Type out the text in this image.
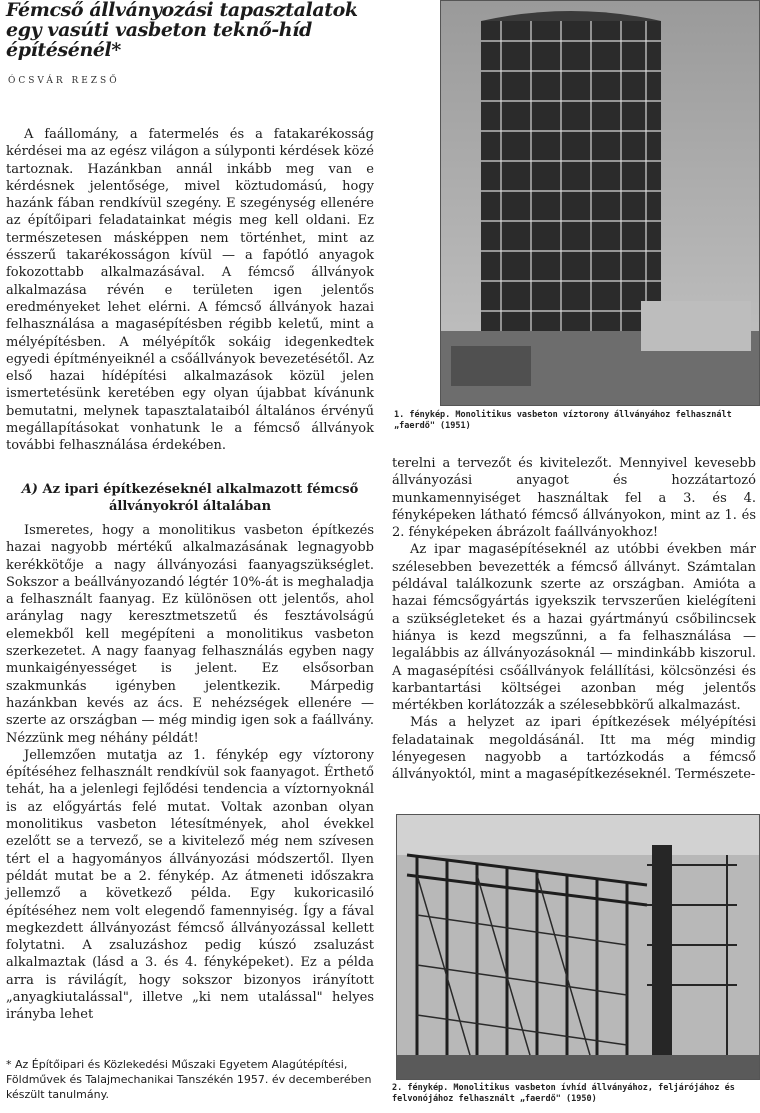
Fémcső állványozási tapasztalatok
egy vasúti vasbeton teknő-híd
építésénél*
ÓCSVÁR REZSŐ

A faállomány, a fatermelés és a fatakarékosság kérdései ma az egész világon a súlyponti kérdések közé tartoznak. Hazánkban annál inkább meg van e kérdésnek jelentősége, mivel köztudomású, hogy hazánk fában rendkívül szegény. E szegénység ellenére az építőipari feladatainkat mégis meg kell oldani. Ez természetesen másképpen nem történhet, mint az ésszerű takarékosságon kívül — a fapótló anyagok fokozottabb alkalmazásával. A fémcső állványok alkalmazása révén e területen igen jelentős eredményeket lehet elérni. A fémcső állványok hazai felhasználása a magasépítésben régibb keletű, mint a mélyépítésben. A mélyépítők sokáig idegenkedtek egyedi építményeiknél a csőállványok bevezetésétől. Az első hazai hídépítési alkalmazások közül jelen ismertetésünk keretében egy olyan újabbat kívánunk bemutatni, melynek tapasztalataiból általános érvényű megállapításokat vonhatunk le a fémcső állványok további felhasználása érdekében.

A) Az ipari építkezéseknél alkalmazott fémcső állványokról általában

Ismeretes, hogy a monolitikus vasbeton építkezés hazai nagyobb mértékű alkalmazásának legnagyobb kerékkötője a nagy állványozási faanyagszükséglet. Sokszor a beállványozandó légtér 10%-át is meghaladja a felhasznált faanyag. Ez különösen ott jelentős, ahol aránylag nagy keresztmetszetű és fesztávolságú elemekből kell megépíteni a monolitikus vasbeton szerkezetet. A nagy faanyag felhasználás egyben nagy munkaigényességet is jelent. Ez elsősorban szakmunkás igényben jelentkezik. Márpedig hazánkban kevés az ács. E nehézségek ellenére — szerte az országban — még mindig igen sok a faállvány. Nézzünk meg néhány példát!

Jellemzően mutatja az 1. fénykép egy víztorony építéséhez felhasznált rendkívül sok faanyagot. Érthető tehát, ha a jelenlegi fejlődési tendencia a víztornyoknál is az előgyártás felé mutat. Voltak azonban olyan monolitikus vasbeton létesítmények, ahol évekkel ezelőtt se a tervező, se a kivitelező még nem szívesen tért el a hagyományos állványozási módszertől. Ilyen példát mutat be a 2. fénykép. Az átmeneti időszakra jellemző a következő példa. Egy kukoricasiló építéséhez nem volt elegendő famennyiség. Így a fával megkezdett állványozást fémcső állványozással kellett folytatni. A zsaluzáshoz pedig kúszó zsaluzást alkalmaztak (lásd a 3. és 4. fényképeket). Ez a példa arra is rávilágít, hogy sokszor bizonyos irányított „anyagkiutalással", illetve „ki nem utalással" helyes irányba lehet

* Az Építőipari és Közlekedési Műszaki Egyetem Alagútépítési, Földművek és Talajmechanikai Tanszékén 1957. év decemberében készült tanulmány.
1. fénykép. Monolitikus vasbeton víztorony állványához felhasznált „faerdő" (1951)

terelni a tervezőt és kivitelezőt. Mennyivel kevesebb állványozási anyagot és hozzátartozó munkamennyiséget használtak fel a 3. és 4. fényképeken látható fémcső állványokon, mint az 1. és 2. fényképeken ábrázolt faállványokhoz!

Az ipar magasépítéseknél az utóbbi években már szélesebben bevezették a fémcső állványt. Számtalan példával találkozunk szerte az országban. Amióta a hazai fémcsőgyártás igyekszik tervszerűen kielégíteni a szükségleteket és a hazai gyártmányú csőbilincsek hiánya is kezd megszűnni, a fa felhasználása — legalábbis az állványozásoknál — mindinkább kiszorul. A magasépítési csőállványok felállítási, kölcsönzési és karbantartási költségei azonban még jelentős mértékben korlátozzák a szélesebbkörű alkalmazást.

Más a helyzet az ipari építkezések mélyépítési feladatainak megoldásánál. Itt ma még mindig lényegesen nagyobb a tartózkodás a fémcső állványoktól, mint a magasépítkezéseknél. Természete-

2. fénykép. Monolitikus vasbeton ívhíd állványához, feljárójához és felvonójához felhasznált „faerdő" (1950)
